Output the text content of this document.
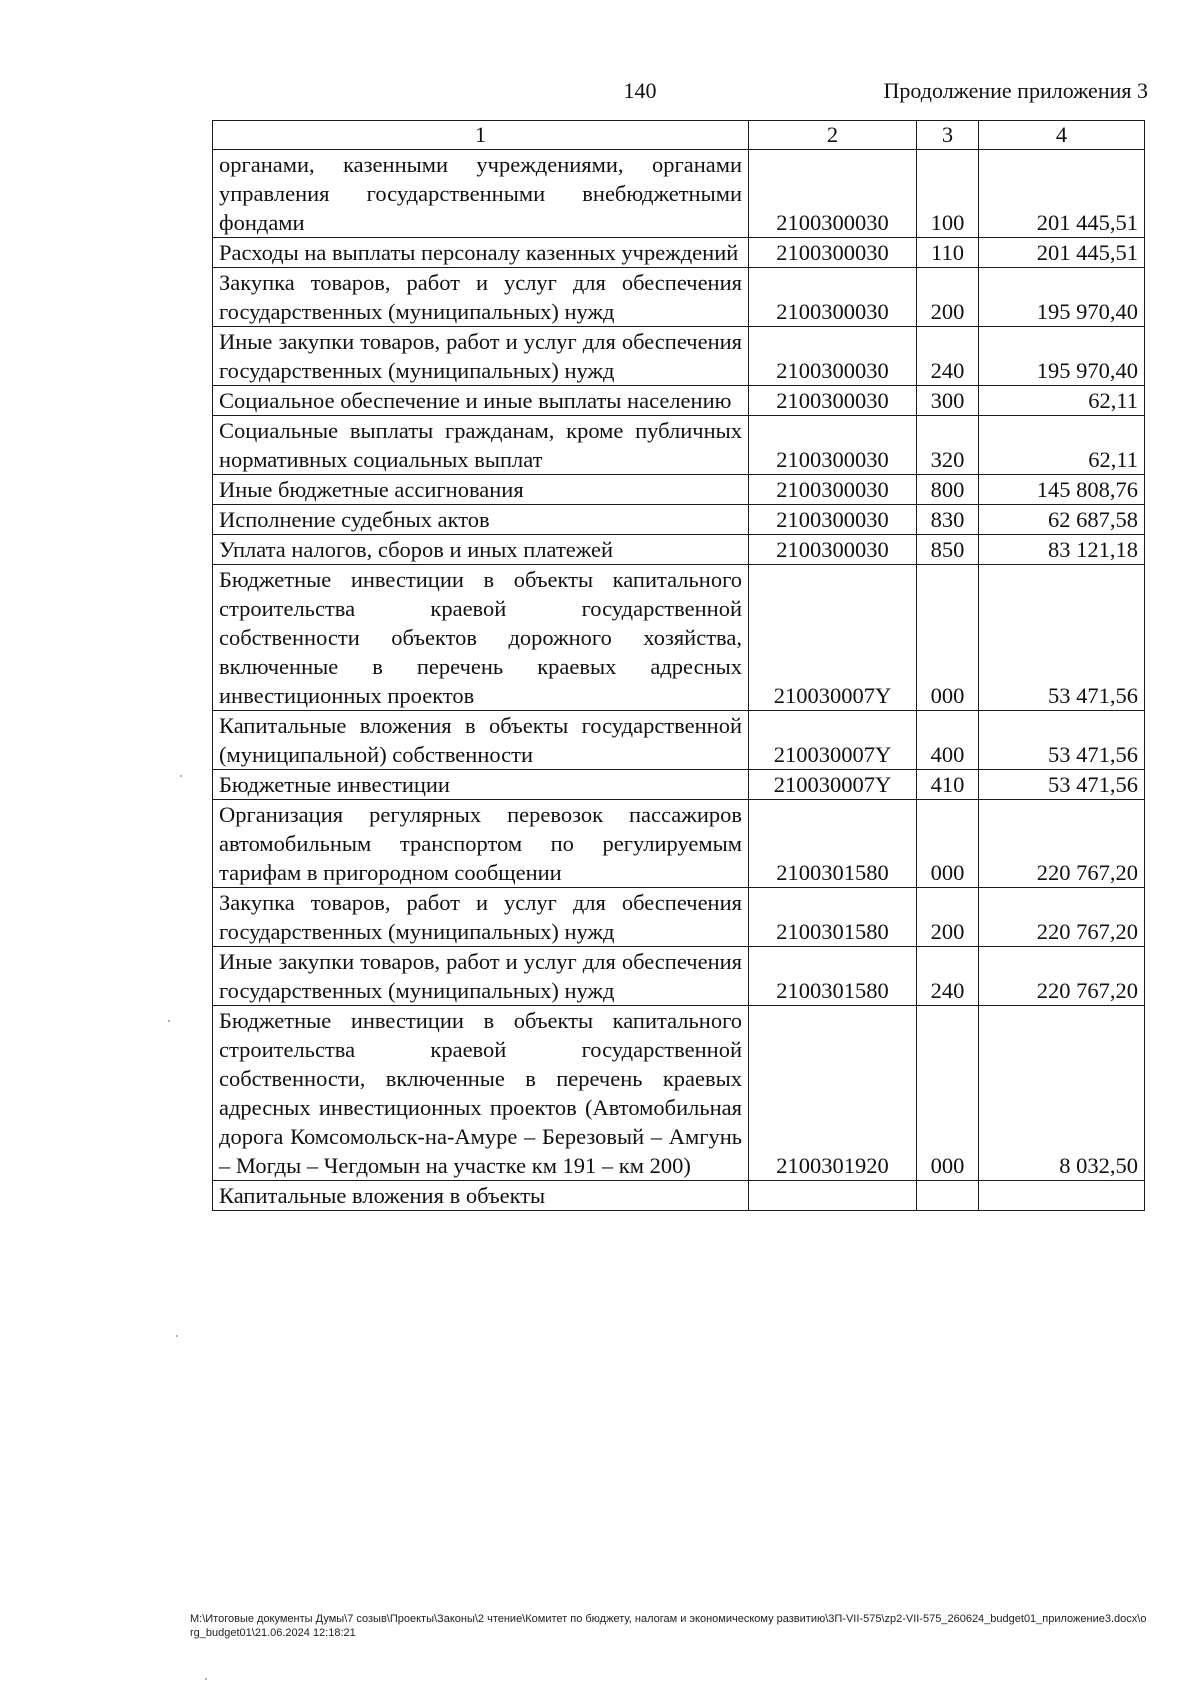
140	Продолжение приложения 3
1	2	3	4
органами, казенными учреждениями, органами управления государственными внебюджетными фондами	2100300030	100	201 445,51
Расходы на выплаты персоналу казенных учреждений	2100300030	110	201 445,51
Закупка товаров, работ и услуг для обеспечения государственных (муниципальных) нужд	2100300030	200	195 970,40
Иные закупки товаров, работ и услуг для обеспечения государственных (муниципальных) нужд	2100300030	240	195 970,40
Социальное обеспечение и иные выплаты населению	2100300030	300	62,11
Социальные выплаты гражданам, кроме публичных нормативных социальных выплат	2100300030	320	62,11
Иные бюджетные ассигнования	2100300030	800	145 808,76
Исполнение судебных актов	2100300030	830	62 687,58
Уплата налогов, сборов и иных платежей	2100300030	850	83 121,18
Бюджетные инвестиции в объекты капитального строительства краевой государственной собственности объектов дорожного хозяйства, включенные в перечень краевых адресных инвестиционных проектов	210030007Y	000	53 471,56
Капитальные вложения в объекты государственной (муниципальной) собственности	210030007Y	400	53 471,56
Бюджетные инвестиции	210030007Y	410	53 471,56
Организация регулярных перевозок пассажиров автомобильным транспортом по регулируемым тарифам в пригородном сообщении	2100301580	000	220 767,20
Закупка товаров, работ и услуг для обеспечения государственных (муниципальных) нужд	2100301580	200	220 767,20
Иные закупки товаров, работ и услуг для обеспечения государственных (муниципальных) нужд	2100301580	240	220 767,20
Бюджетные инвестиции в объекты капитального строительства краевой государственной собственности, включенные в перечень краевых адресных инвестиционных проектов (Автомобильная дорога Комсомольск-на-Амуре – Березовый – Амгунь – Могды – Чегдомын на участке км 191 – км 200)	2100301920	000	8 032,50
Капитальные вложения в объекты			
M:\Итоговые документы Думы\7 созыв\Проекты\Законы\2 чтение\Комитет по бюджету, налогам и экономическому развитию\3П-VII-575\zp2-VII-575_260624_budget01_приложение3.docx\org_budget01\21.06.2024 12:18:21
